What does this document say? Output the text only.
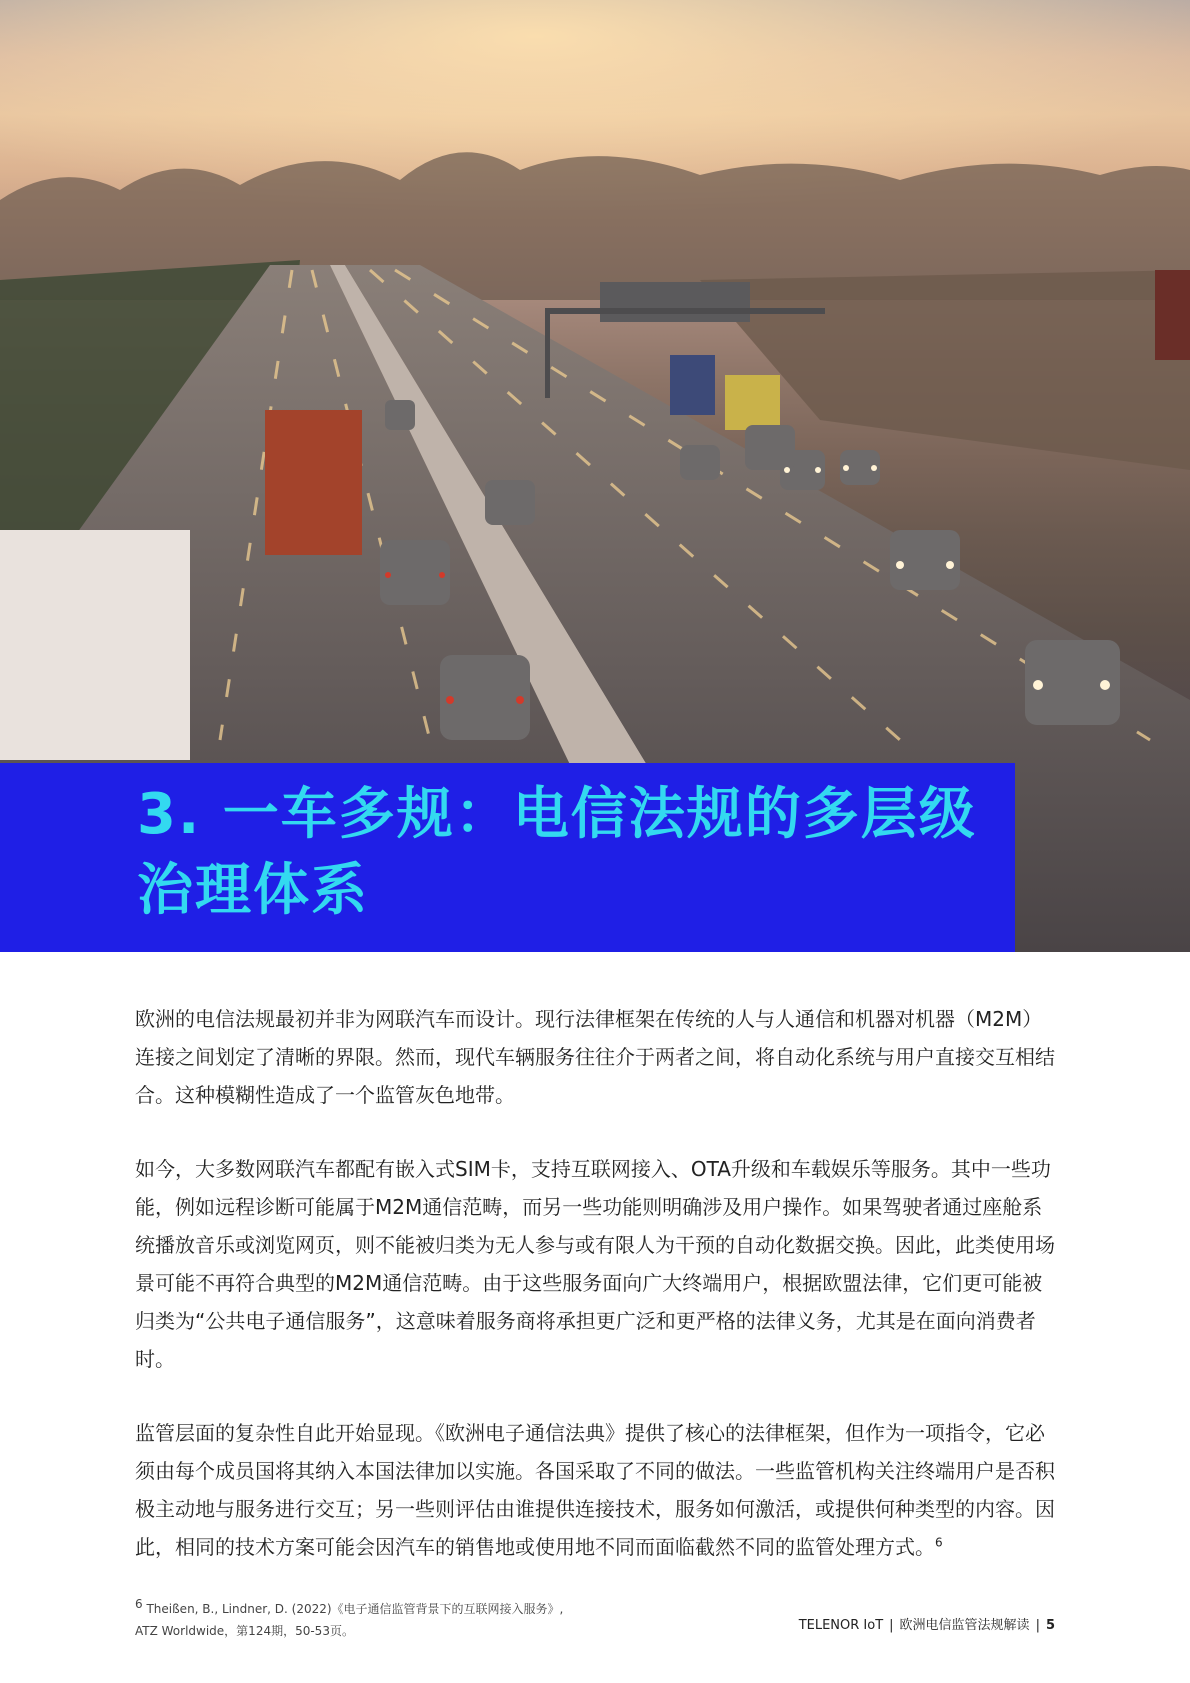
3. 一车多规：电信法规的多层级治理体系

欧洲的电信法规最初并非为网联汽车而设计。现行法律框架在传统的人与人通信和机器对机器（M2M）连接之间划定了清晰的界限。然而，现代车辆服务往往介于两者之间，将自动化系统与用户直接交互相结合。这种模糊性造成了一个监管灰色地带。

如今，大多数网联汽车都配有嵌入式SIM卡，支持互联网接入、OTA升级和车载娱乐等服务。其中一些功能，例如远程诊断可能属于M2M通信范畴，而另一些功能则明确涉及用户操作。如果驾驶者通过座舱系统播放音乐或浏览网页，则不能被归类为无人参与或有限人为干预的自动化数据交换。因此，此类使用场景可能不再符合典型的M2M通信范畴。由于这些服务面向广大终端用户，根据欧盟法律，它们更可能被归类为“公共电子通信服务”，这意味着服务商将承担更广泛和更严格的法律义务，尤其是在面向消费者时。

监管层面的复杂性自此开始显现。《欧洲电子通信法典》提供了核心的法律框架，但作为一项指令，它必须由每个成员国将其纳入本国法律加以实施。各国采取了不同的做法。一些监管机构关注终端用户是否积极主动地与服务进行交互；另一些则评估由谁提供连接技术，服务如何激活，或提供何种类型的内容。因此，相同的技术方案可能会因汽车的销售地或使用地不同而面临截然不同的监管处理方式。$^6$

$^6$ Theißen, B., Lindner, D. (2022)《电子通信监管背景下的互联网接入服务》,
ATZ Worldwide，第124期，50-53页。	TELENOR IoT | 欧洲电信监管法规解读 | 5
